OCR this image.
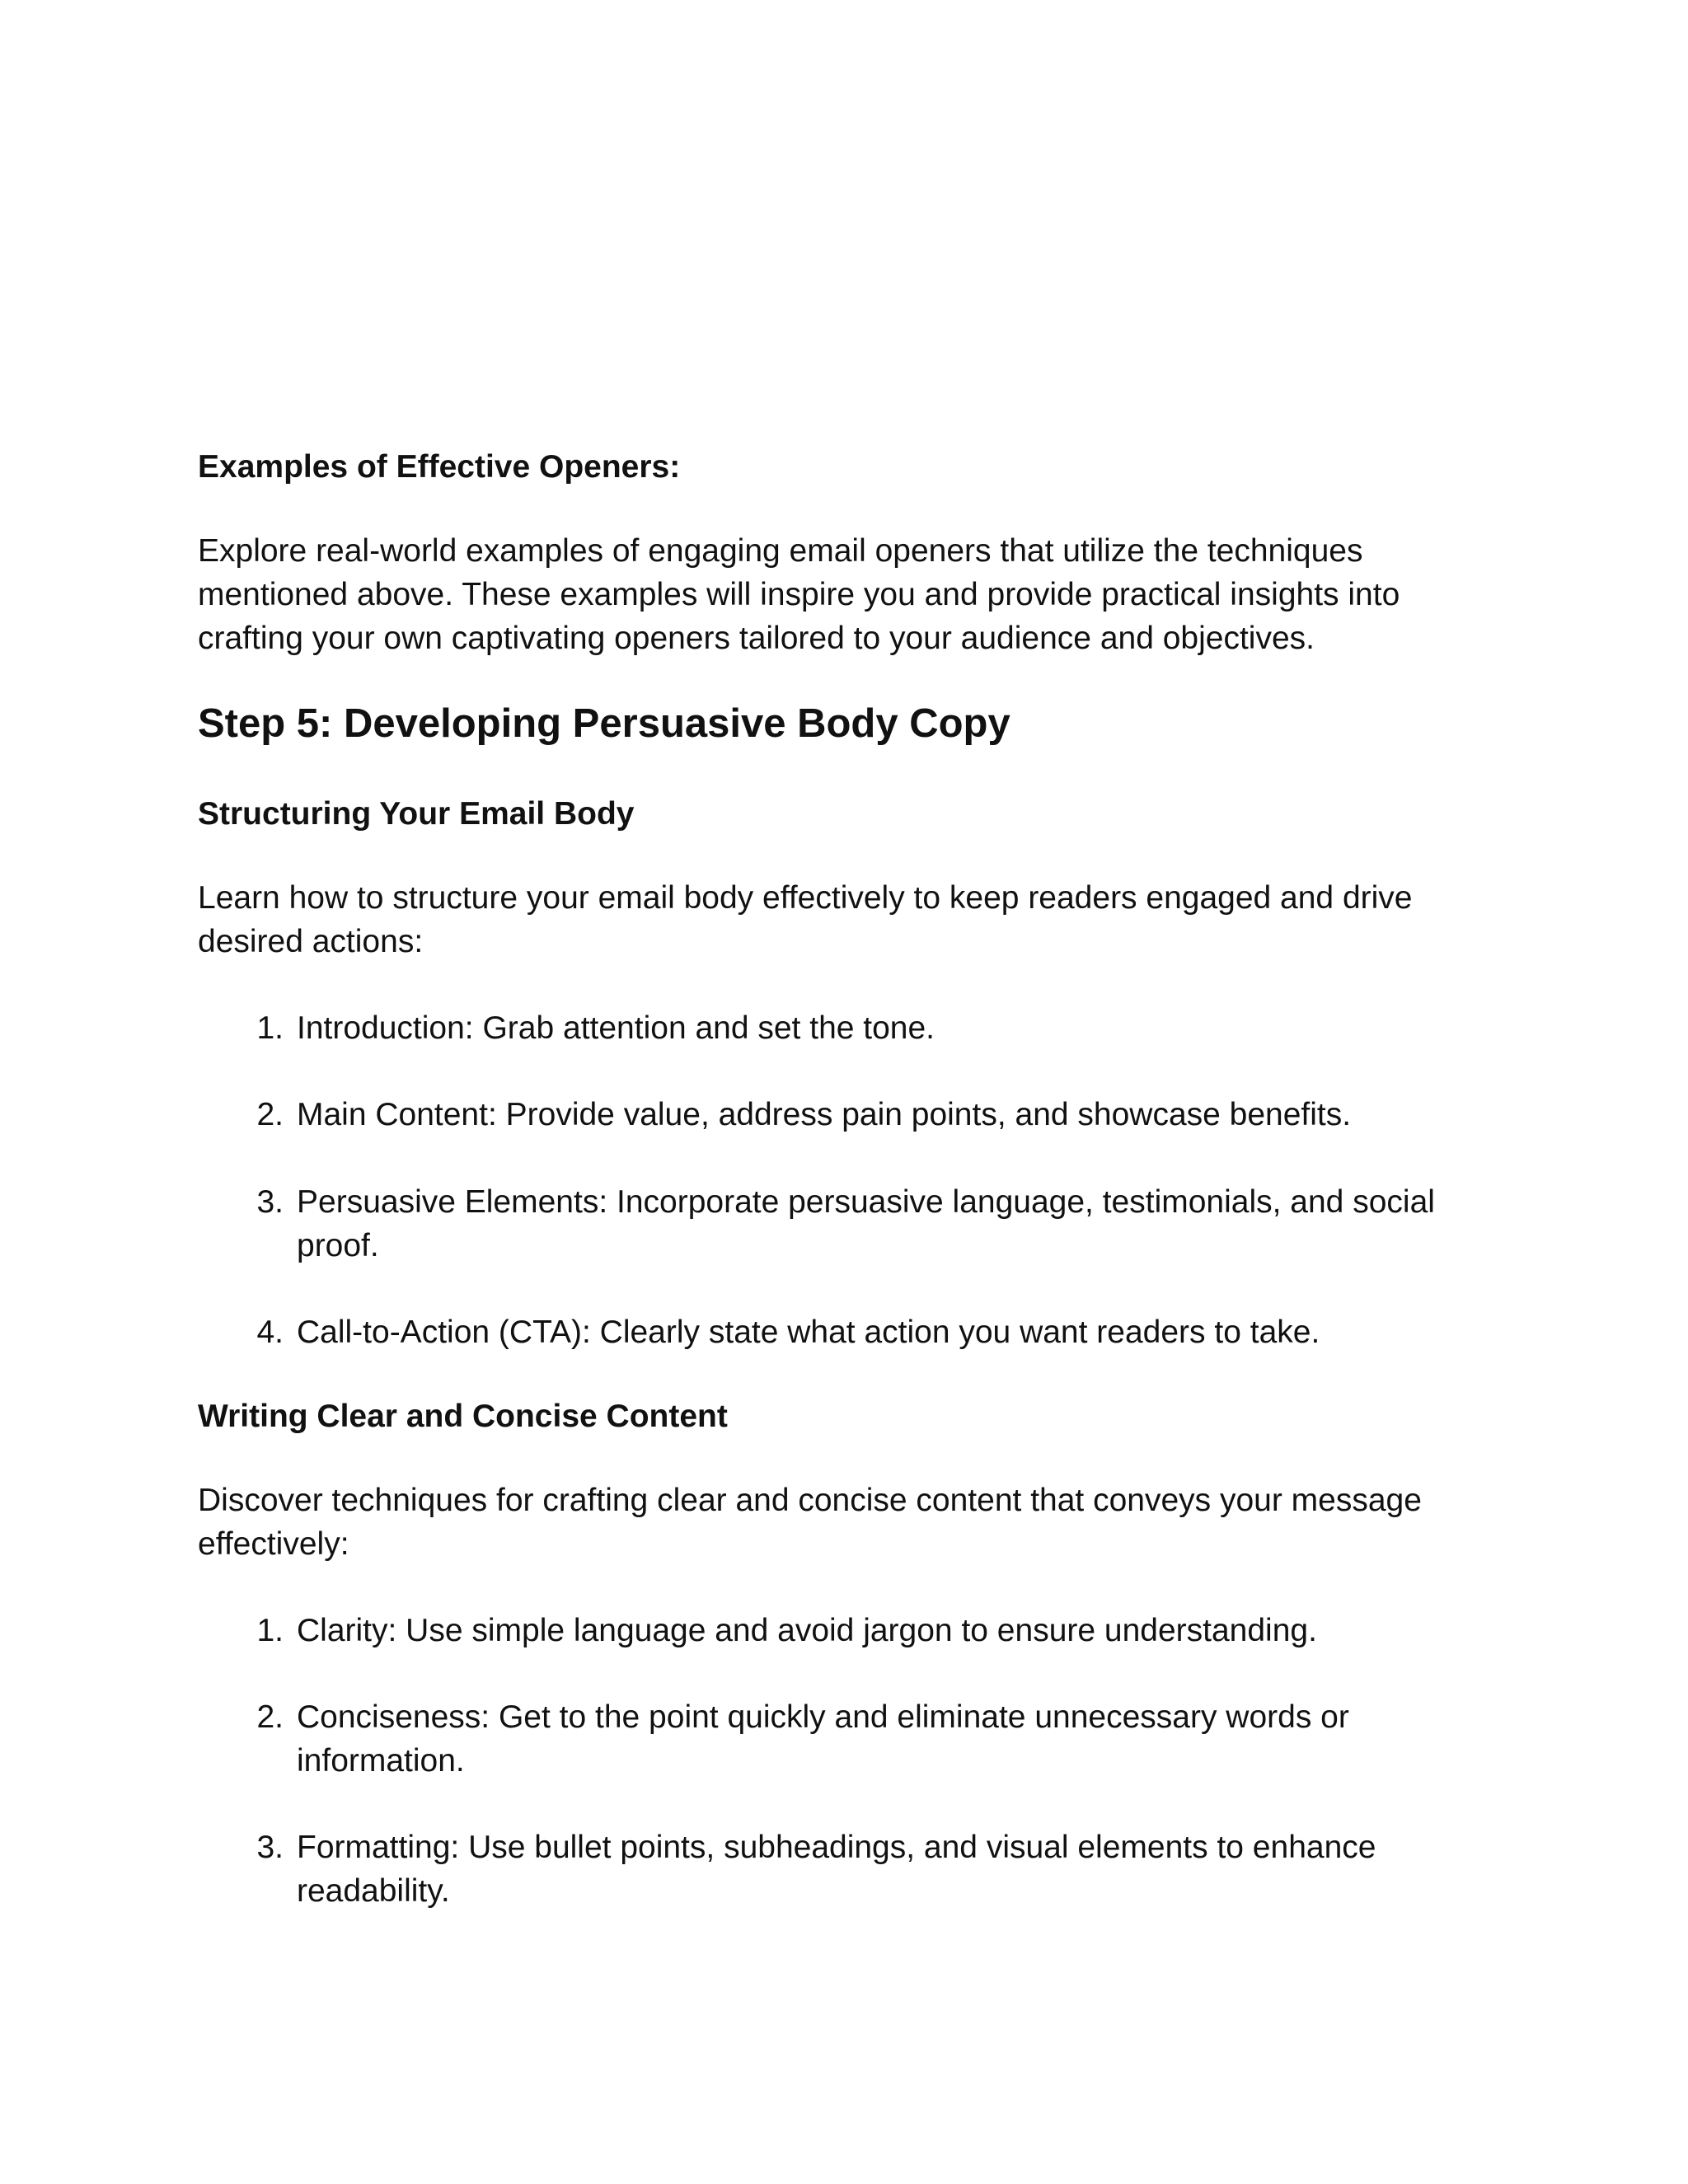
Examples of Effective Openers:

Explore real-world examples of engaging email openers that utilize the techniques mentioned above. These examples will inspire you and provide practical insights into crafting your own captivating openers tailored to your audience and objectives.

Step 5: Developing Persuasive Body Copy

Structuring Your Email Body

Learn how to structure your email body effectively to keep readers engaged and drive desired actions:

1. Introduction: Grab attention and set the tone.
2. Main Content: Provide value, address pain points, and showcase benefits.
3. Persuasive Elements: Incorporate persuasive language, testimonials, and social proof.
4. Call-to-Action (CTA): Clearly state what action you want readers to take.

Writing Clear and Concise Content

Discover techniques for crafting clear and concise content that conveys your message effectively:

1. Clarity: Use simple language and avoid jargon to ensure understanding.
2. Conciseness: Get to the point quickly and eliminate unnecessary words or information.
3. Formatting: Use bullet points, subheadings, and visual elements to enhance readability.
